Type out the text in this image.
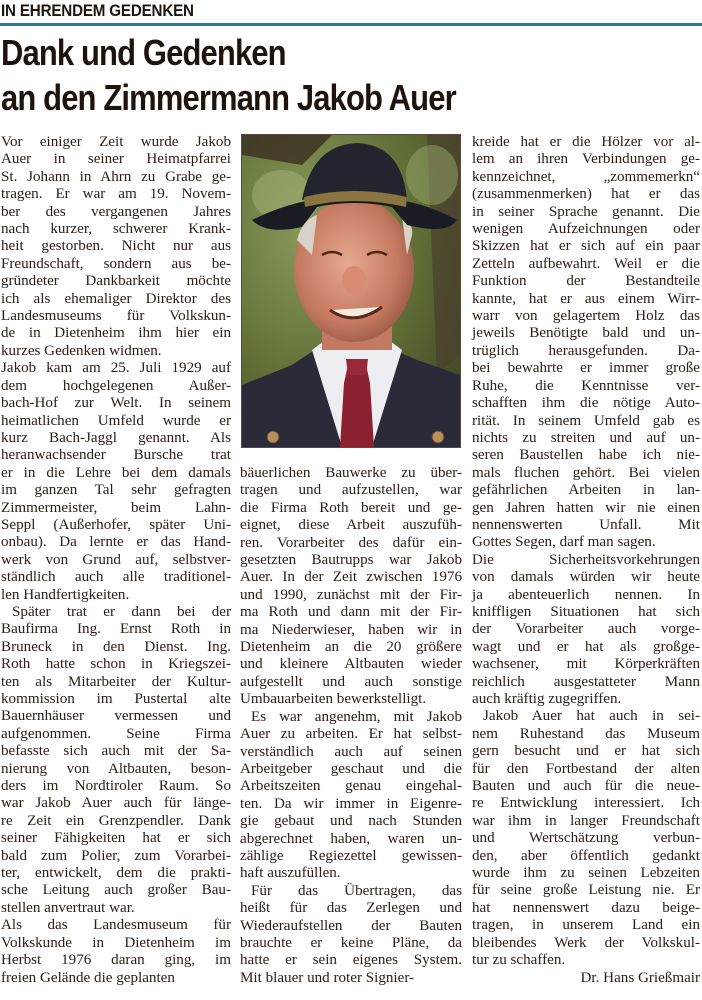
IN EHRENDEM GEDENKEN
Dank und Gedenken
an den Zimmermann Jakob Auer
Vor einiger Zeit wurde Jakob
Auer in seiner Heimatpfarrei
St. Johann in Ahrn zu Grabe ge-
tragen. Er war am 19. Novem-
ber des vergangenen Jahres
nach kurzer, schwerer Krank-
heit gestorben. Nicht nur aus
Freundschaft, sondern aus be-
gründeter Dankbarkeit möchte
ich als ehemaliger Direktor des
Landesmuseums für Volkskun-
de in Dietenheim ihm hier ein
kurzes Gedenken widmen.
Jakob kam am 25. Juli 1929 auf
dem hochgelegenen Außer-
bach-Hof zur Welt. In seinem
heimatlichen Umfeld wurde er
kurz Bach-Jaggl genannt. Als
heranwachsender Bursche trat
er in die Lehre bei dem damals
im ganzen Tal sehr gefragten
Zimmermeister, beim Lahn-
Seppl (Außerhofer, später Uni-
onbau). Da lernte er das Hand-
werk von Grund auf, selbstver-
ständlich auch alle traditionel-
len Handfertigkeiten.
Später trat er dann bei der
Baufirma Ing. Ernst Roth in
Bruneck in den Dienst. Ing.
Roth hatte schon in Kriegszei-
ten als Mitarbeiter der Kultur-
kommission im Pustertal alte
Bauernhäuser vermessen und
aufgenommen. Seine Firma
befasste sich auch mit der Sa-
nierung von Altbauten, beson-
ders im Nordtiroler Raum. So
war Jakob Auer auch für länge-
re Zeit ein Grenzpendler. Dank
seiner Fähigkeiten hat er sich
bald zum Polier, zum Vorarbei-
ter, entwickelt, dem die prakti-
sche Leitung auch großer Bau-
stellen anvertraut war.
Als das Landesmuseum für
Volkskunde in Dietenheim im
Herbst 1976 daran ging, im
freien Gelände die geplanten
bäuerlichen Bauwerke zu über-
tragen und aufzustellen, war
die Firma Roth bereit und ge-
eignet, diese Arbeit auszufüh-
ren. Vorarbeiter des dafür ein-
gesetzten Bautrupps war Jakob
Auer. In der Zeit zwischen 1976
und 1990, zunächst mit der Fir-
ma Roth und dann mit der Fir-
ma Niederwieser, haben wir in
Dietenheim an die 20 größere
und kleinere Altbauten wieder
aufgestellt und auch sonstige
Umbauarbeiten bewerkstelligt.
Es war angenehm, mit Jakob
Auer zu arbeiten. Er hat selbst-
verständlich auch auf seinen
Arbeitgeber geschaut und die
Arbeitszeiten genau eingehal-
ten. Da wir immer in Eigenre-
gie gebaut und nach Stunden
abgerechnet haben, waren un-
zählige Regiezettel gewissen-
haft auszufüllen.
Für das Übertragen, das
heißt für das Zerlegen und
Wiederaufstellen der Bauten
brauchte er keine Pläne, da
hatte er sein eigenes System.
Mit blauer und roter Signier-
kreide hat er die Hölzer vor al-
lem an ihren Verbindungen ge-
kennzeichnet, „zommemerkn“
(zusammenmerken) hat er das
in seiner Sprache genannt. Die
wenigen Aufzeichnungen oder
Skizzen hat er sich auf ein paar
Zetteln aufbewahrt. Weil er die
Funktion der Bestandteile
kannte, hat er aus einem Wirr-
warr von gelagertem Holz das
jeweils Benötigte bald und un-
trüglich herausgefunden. Da-
bei bewahrte er immer große
Ruhe, die Kenntnisse ver-
schafften ihm die nötige Auto-
rität. In seinem Umfeld gab es
nichts zu streiten und auf un-
seren Baustellen habe ich nie-
mals fluchen gehört. Bei vielen
gefährlichen Arbeiten in lan-
gen Jahren hatten wir nie einen
nennenswerten Unfall. Mit
Gottes Segen, darf man sagen.
Die Sicherheitsvorkehrungen
von damals würden wir heute
ja abenteuerlich nennen. In
kniffligen Situationen hat sich
der Vorarbeiter auch vorge-
wagt und er hat als großge-
wachsener, mit Körperkräften
reichlich ausgestatteter Mann
auch kräftig zugegriffen.
Jakob Auer hat auch in sei-
nem Ruhestand das Museum
gern besucht und er hat sich
für den Fortbestand der alten
Bauten und auch für die neue-
re Entwicklung interessiert. Ich
war ihm in langer Freundschaft
und Wertschätzung verbun-
den, aber öffentlich gedankt
wurde ihm zu seinen Lebzeiten
für seine große Leistung nie. Er
hat nennenswert dazu beige-
tragen, in unserem Land ein
bleibendes Werk der Volkskul-
tur zu schaffen.
Dr. Hans Grießmair
